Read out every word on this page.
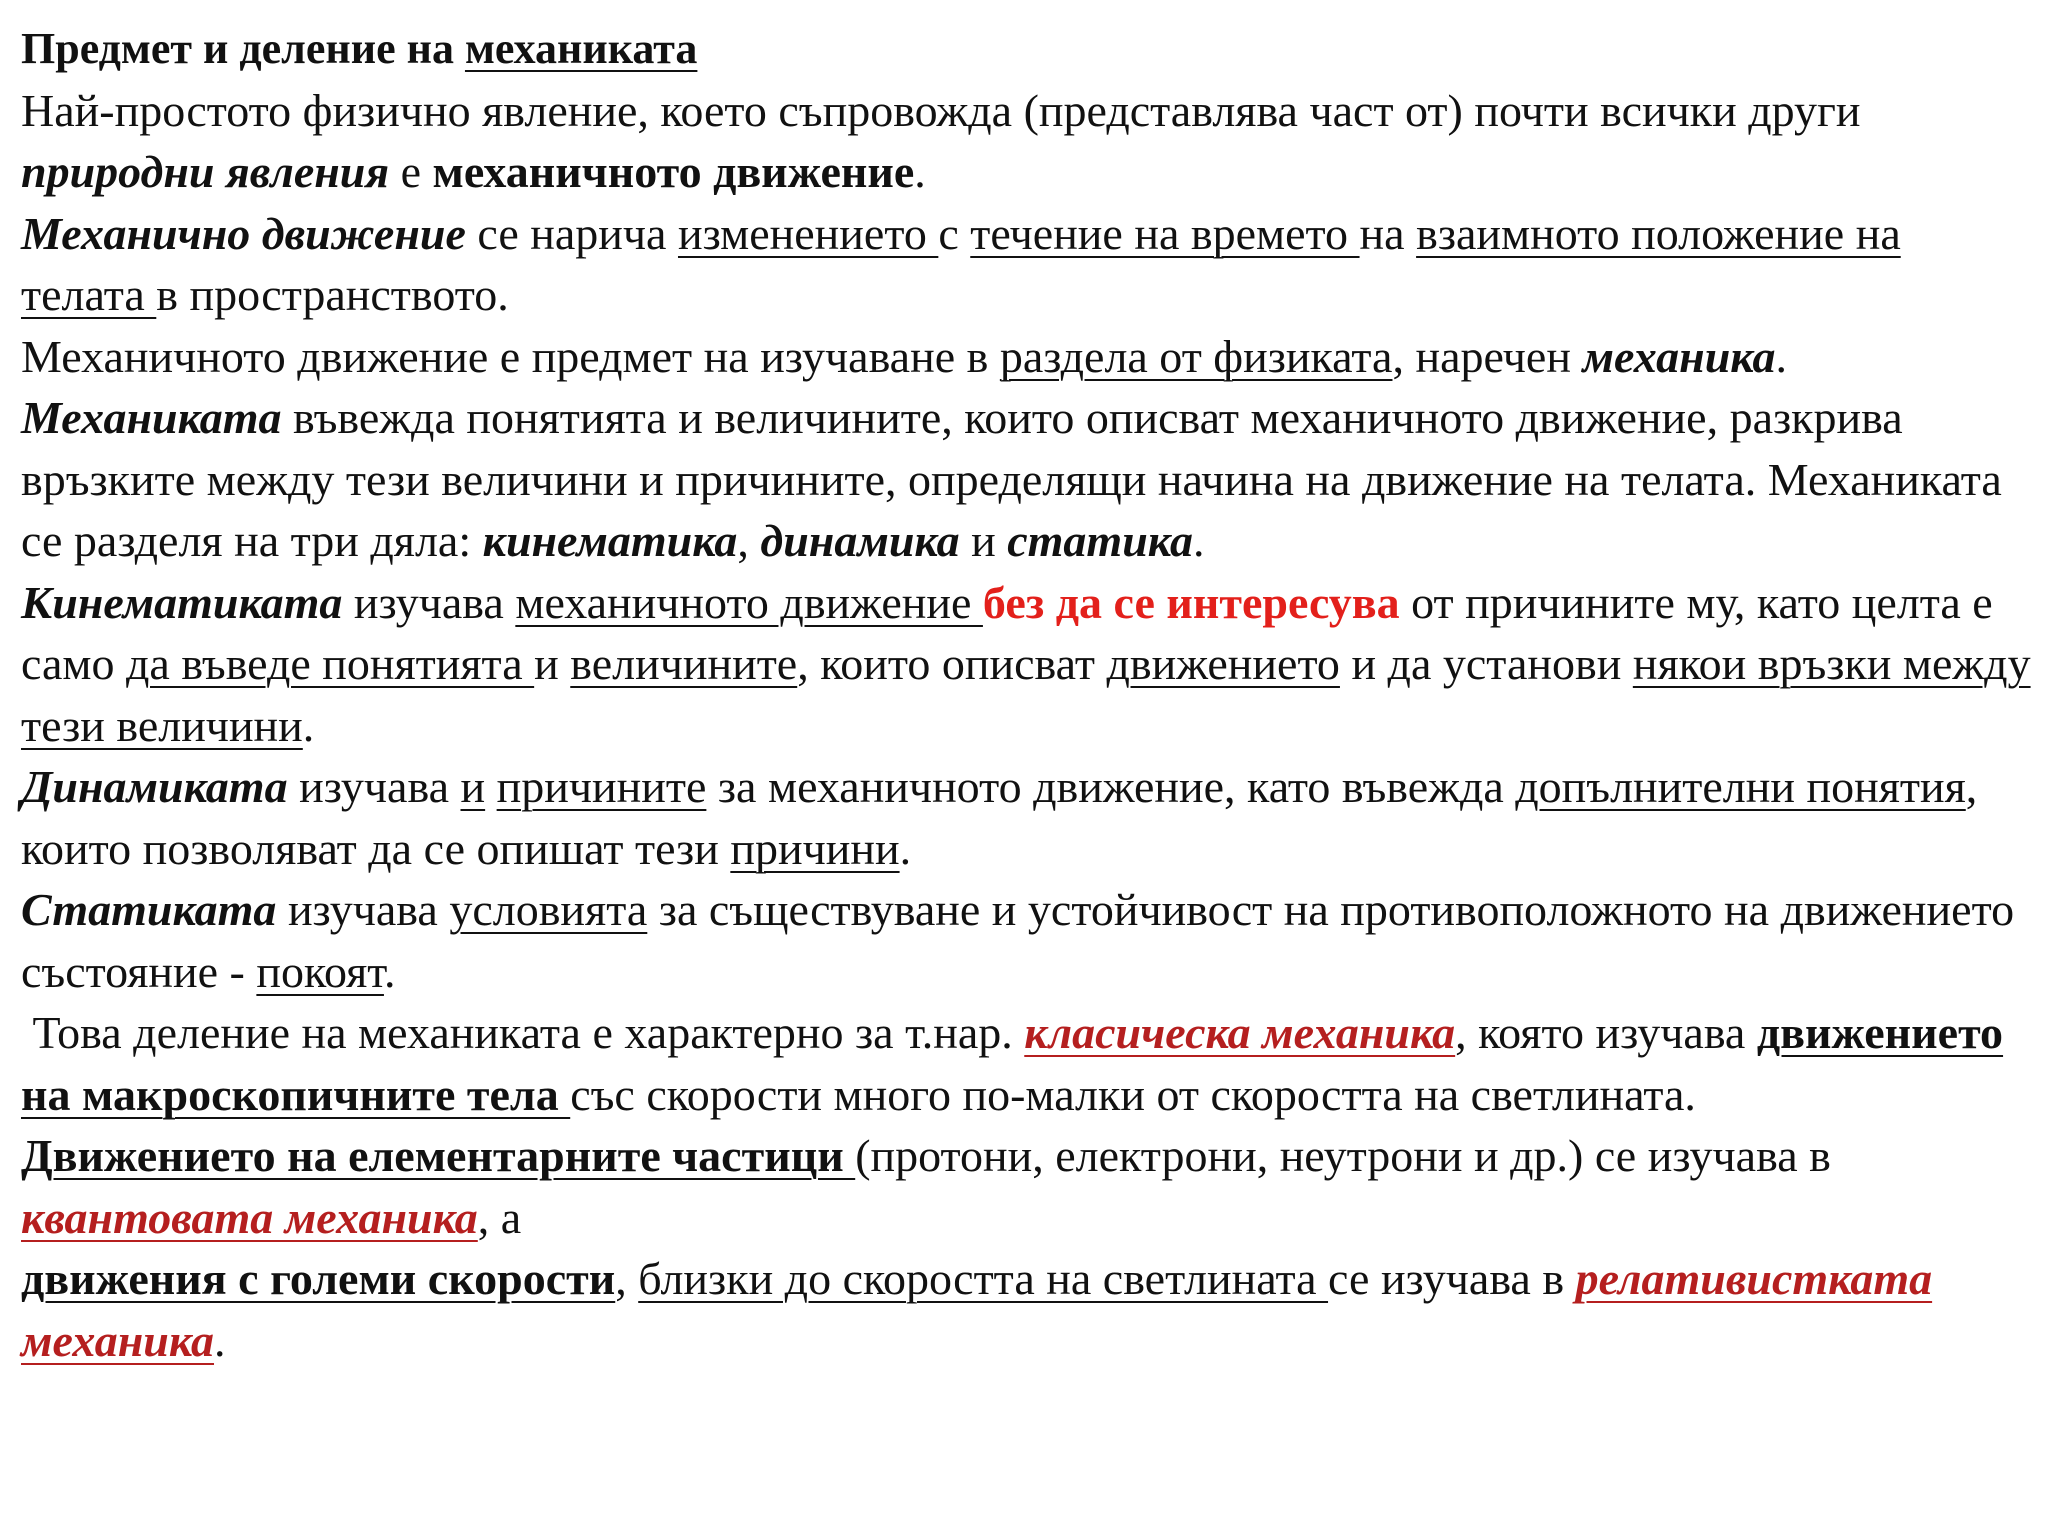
Предмет и деление на механиката

Най-простото физично явление, което съпровожда (представлява част от) почти всички други природни явления е механичното движение.

Механично движение се нарича изменението с течение на времето на взаимното положение на телата в пространството.

Механичното движение е предмет на изучаване в раздела от физиката, наречен механика.

Механиката въвежда понятията и величините, които описват механичното движение, разкрива връзките между тези величини и причините, определящи начина на движение на телата. Механиката се разделя на три дяла: кинематика, динамика и статика.

Кинематиката изучава механичното движение без да се интересува от причините му, като целта е само да въведе понятията и величините, които описват движението и да установи някои връзки между тези величини.

Динамиката изучава и причините за механичното движение, като въвежда допълнителни понятия, които позволяват да се опишат тези причини.

Статиката изучава условията за съществуване и устойчивост на противоположното на движението състояние - покоят.

Това деление на механиката е характерно за т.нар. класическа механика, която изучава движението на макроскопичните тела със скорости много по-малки от скоростта на светлината.

Движението на елементарните частици (протони, електрони, неутрони и др.) се изучава в квантовата механика, а

движения с големи скорости, близки до скоростта на светлината се изучава в релативистката механика.
